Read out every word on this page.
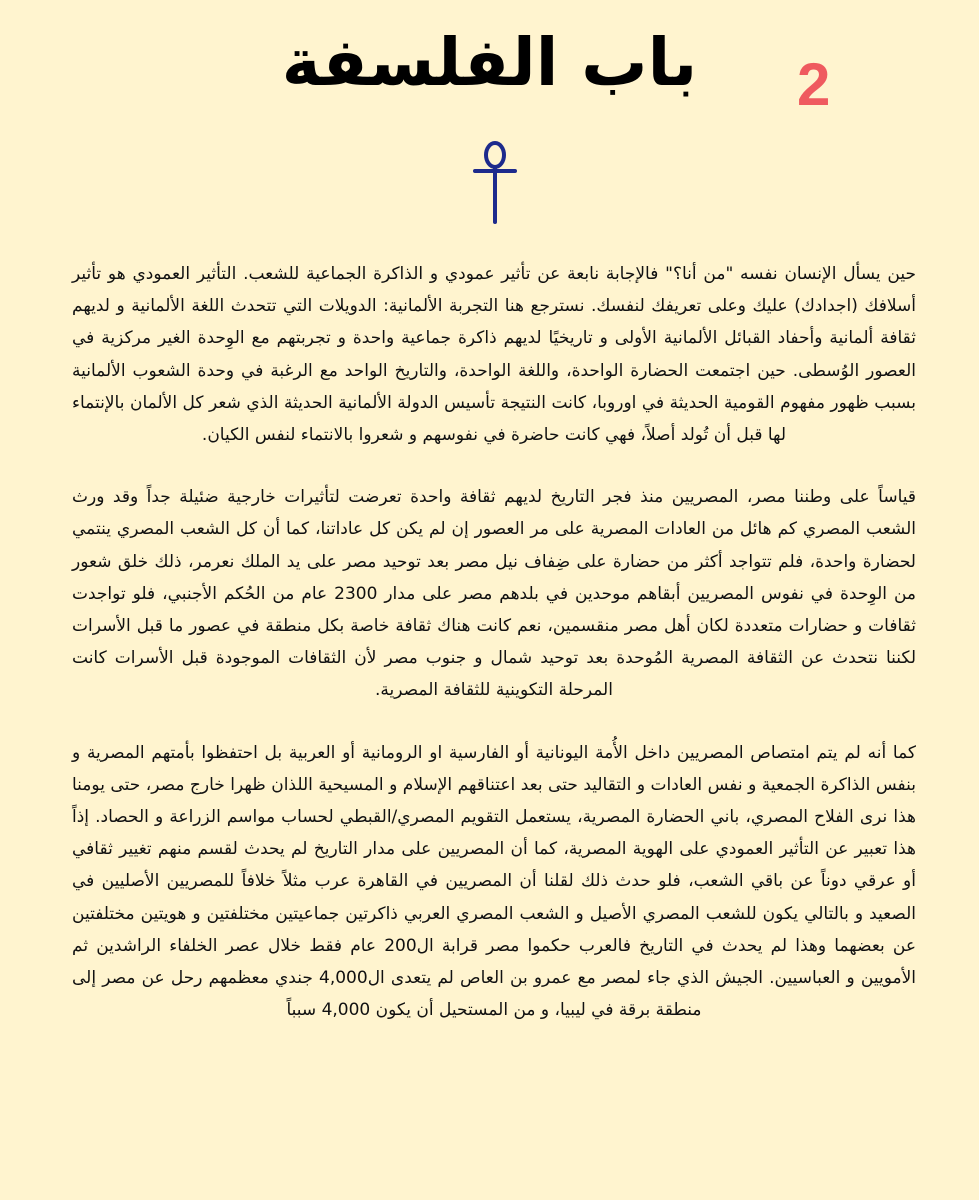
باب الفلسفة	2

حين يسأل الإنسان نفسه "من أنا؟" فالإجابة نابعة عن تأثير عمودي و الذاكرة الجماعية للشعب. التأثير العمودي هو تأثير أسلافك (اجدادك) عليك وعلى تعريفك لنفسك. نسترجع هنا التجربة الألمانية: الدويلات التي تتحدث اللغة الألمانية و لديهم ثقافة ألمانية وأحفاد القبائل الألمانية الأولى و تاريخيًا لديهم ذاكرة جماعية واحدة و تجربتهم مع الوِحدة الغير مركزية في العصور الوُسطى. حين اجتمعت الحضارة الواحدة، واللغة الواحدة، والتاريخ الواحد مع الرغبة في وحدة الشعوب الألمانية بسبب ظهور مفهوم القومية الحديثة في اوروبا، كانت النتيجة تأسيس الدولة الألمانية الحديثة الذي شعر كل الألمان بالإنتماء لها قبل أن تُولد أصلاً، فهي كانت حاضرة في نفوسهم و شعروا بالانتماء لنفس الكيان.

قياساً على وطننا مصر، المصريين منذ فجر التاريخ لديهم ثقافة واحدة تعرضت لتأثيرات خارجية ضئيلة جداً وقد ورث الشعب المصري كم هائل من العادات المصرية على مر العصور إن لم يكن كل عاداتنا، كما أن كل الشعب المصري ينتمي لحضارة واحدة، فلم تتواجد أكثر من حضارة على ضِفاف نيل مصر بعد توحيد مصر على يد الملك نعرمر، ذلك خلق شعور من الوِحدة في نفوس المصريين أبقاهم موحدين في بلدهم مصر على مدار 2300 عام من الحُكم الأجنبي، فلو تواجدت ثقافات و حضارات متعددة لكان أهل مصر منقسمين، نعم كانت هناك ثقافة خاصة بكل منطقة في عصور ما قبل الأسرات لكننا نتحدث عن الثقافة المصرية المُوحدة بعد توحيد شمال و جنوب مصر لأن الثقافات الموجودة قبل الأسرات كانت المرحلة التكوينية للثقافة المصرية.

كما أنه لم يتم امتصاص المصريين داخل الأُمة اليونانية أو الفارسية او الرومانية أو العربية بل احتفظوا بأمتهم المصرية و بنفس الذاكرة الجمعية و نفس العادات و التقاليد حتى بعد اعتناقهم الإسلام و المسيحية اللذان ظهرا خارج مصر، حتى يومنا هذا نرى الفلاح المصري، باني الحضارة المصرية، يستعمل التقويم المصري/القبطي لحساب مواسم الزراعة و الحصاد. إذاً هذا تعبير عن التأثير العمودي على الهوية المصرية، كما أن المصريين على مدار التاريخ لم يحدث لقسم منهم تغيير ثقافي أو عرقي دوناً عن باقي الشعب، فلو حدث ذلك لقلنا أن المصريين في القاهرة عرب مثلاً خلافاً للمصريين الأصليين في الصعيد و بالتالي يكون للشعب المصري الأصيل و الشعب المصري العربي ذاكرتين جماعيتين مختلفتين و هويتين مختلفتين عن بعضهما وهذا لم يحدث في التاريخ فالعرب حكموا مصر قرابة ال200 عام فقط خلال عصر الخلفاء الراشدين ثم الأمويين و العباسيين. الجيش الذي جاء لمصر مع عمرو بن العاص لم يتعدى ال4,000 جندي معظمهم رحل عن مصر إلى منطقة برقة في ليبيا، و من المستحيل أن يكون 4,000 سبباً
